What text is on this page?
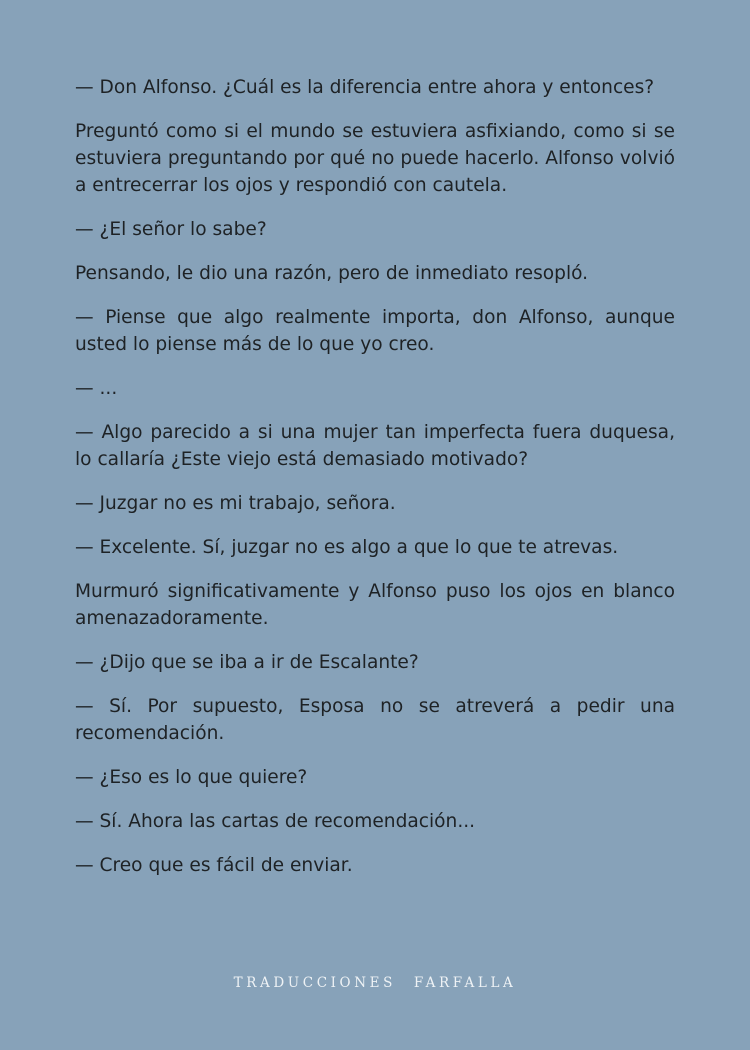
— Don Alfonso. ¿Cuál es la diferencia entre ahora y entonces?

Preguntó como si el mundo se estuviera asfixiando, como si se estuviera preguntando por qué no puede hacerlo. Alfonso volvió a entrecerrar los ojos y respondió con cautela.

— ¿El señor lo sabe?

Pensando, le dio una razón, pero de inmediato resopló.

— Piense que algo realmente importa, don Alfonso, aunque usted lo piense más de lo que yo creo.

— ...

— Algo parecido a si una mujer tan imperfecta fuera duquesa, lo callaría ¿Este viejo está demasiado motivado?

— Juzgar no es mi trabajo, señora.

— Excelente. Sí, juzgar no es algo a que lo que te atrevas.

Murmuró significativamente y Alfonso puso los ojos en blanco amenazadoramente.

— ¿Dijo que se iba a ir de Escalante?

— Sí. Por supuesto, Esposa no se atreverá a pedir una recomendación.

— ¿Eso es lo que quiere?

— Sí. Ahora las cartas de recomendación...

— Creo que es fácil de enviar.

TRADUCCIONES FARFALLA
